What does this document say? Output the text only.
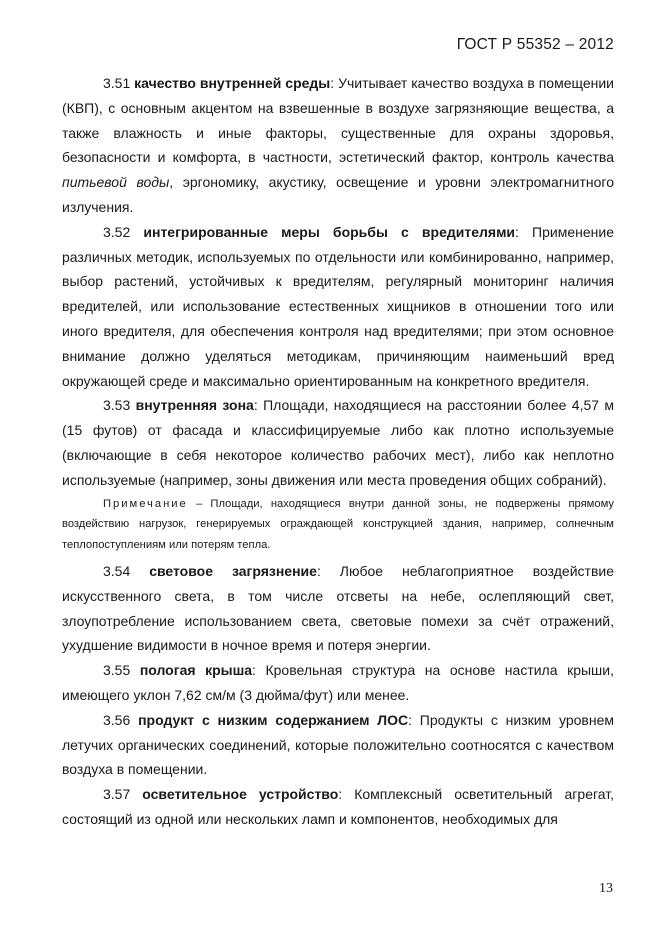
ГОСТ Р 55352 – 2012

3.51 качество внутренней среды: Учитывает качество воздуха в помещении (КВП), с основным акцентом на взвешенные в воздухе загрязняющие вещества, а также влажность и иные факторы, существенные для охраны здоровья, безопасности и комфорта, в частности, эстетический фактор, контроль качества питьевой воды, эргономику, акустику, освещение и уровни электромагнитного излучения.

3.52 интегрированные меры борьбы с вредителями: Применение различных методик, используемых по отдельности или комбинированно, например, выбор растений, устойчивых к вредителям, регулярный мониторинг наличия вредителей, или использование естественных хищников в отношении того или иного вредителя, для обеспечения контроля над вредителями; при этом основное внимание должно уделяться методикам, причиняющим наименьший вред окружающей среде и максимально ориентированным на конкретного вредителя.

3.53 внутренняя зона: Площади, находящиеся на расстоянии более 4,57 м (15 футов) от фасада и классифицируемые либо как плотно используемые (включающие в себя некоторое количество рабочих мест), либо как неплотно используемые (например, зоны движения или места проведения общих собраний).

Примечание – Площади, находящиеся внутри данной зоны, не подвержены прямому воздействию нагрузок, генерируемых ограждающей конструкцией здания, например, солнечным теплопоступлениям или потерям тепла.

3.54 световое загрязнение: Любое неблагоприятное воздействие искусственного света, в том числе отсветы на небе, ослепляющий свет, злоупотребление использованием света, световые помехи за счёт отражений, ухудшение видимости в ночное время и потеря энергии.

3.55 пологая крыша: Кровельная структура на основе настила крыши, имеющего уклон 7,62 см/м (3 дюйма/фут) или менее.

3.56 продукт с низким содержанием ЛОС: Продукты с низким уровнем летучих органических соединений, которые положительно соотносятся с качеством воздуха в помещении.

3.57 осветительное устройство: Комплексный осветительный агрегат, состоящий из одной или нескольких ламп и компонентов, необходимых для

13
